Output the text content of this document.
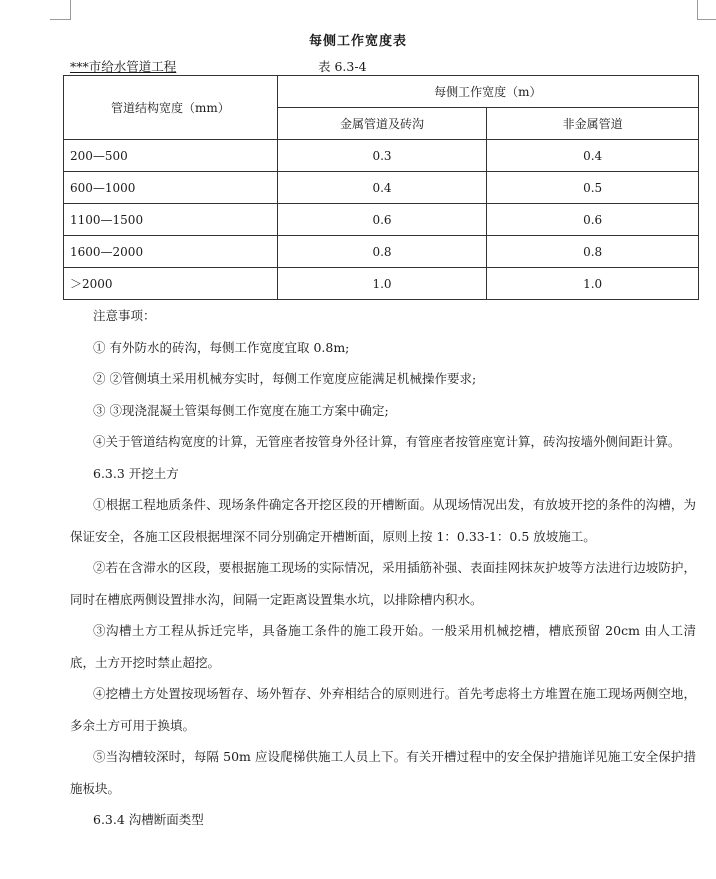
每侧工作宽度表
***市给水管道工程	表 6.3-4
管道结构宽度（mm）	每侧工作宽度（m）	
	金属管道及砖沟	非金属管道
200—500	0.3	0.4
600—1000	0.4	0.5
1100—1500	0.6	0.6
1600—2000	0.8	0.8
＞2000	1.0	1.0

注意事项：

① 有外防水的砖沟，每侧工作宽度宜取 0.8m;

② ②管侧填土采用机械夯实时，每侧工作宽度应能满足机械操作要求;

③ ③现浇混凝土管渠每侧工作宽度在施工方案中确定;

④关于管道结构宽度的计算，无管座者按管身外径计算，有管座者按管座宽计算，砖沟按墙外侧间距计算。

6.3.3 开挖土方

①根据工程地质条件、现场条件确定各开挖区段的开槽断面。从现场情况出发，有放坡开挖的条件的沟槽，为保证安全，各施工区段根据埋深不同分别确定开槽断面，原则上按 1：0.33-1：0.5 放坡施工。

②若在含滞水的区段，要根据施工现场的实际情况，采用插筋补强、表面挂网抹灰护坡等方法进行边坡防护，同时在槽底两侧设置排水沟，间隔一定距离设置集水坑，以排除槽内积水。

③沟槽土方工程从拆迁完毕，具备施工条件的施工段开始。一般采用机械挖槽，槽底预留 20cm 由人工清底，土方开挖时禁止超挖。

④挖槽土方处置按现场暂存、场外暂存、外弃相结合的原则进行。首先考虑将土方堆置在施工现场两侧空地，多余土方可用于换填。

⑤当沟槽较深时，每隔 50m 应设爬梯供施工人员上下。有关开槽过程中的安全保护措施详见施工安全保护措施板块。

6.3.4 沟槽断面类型
